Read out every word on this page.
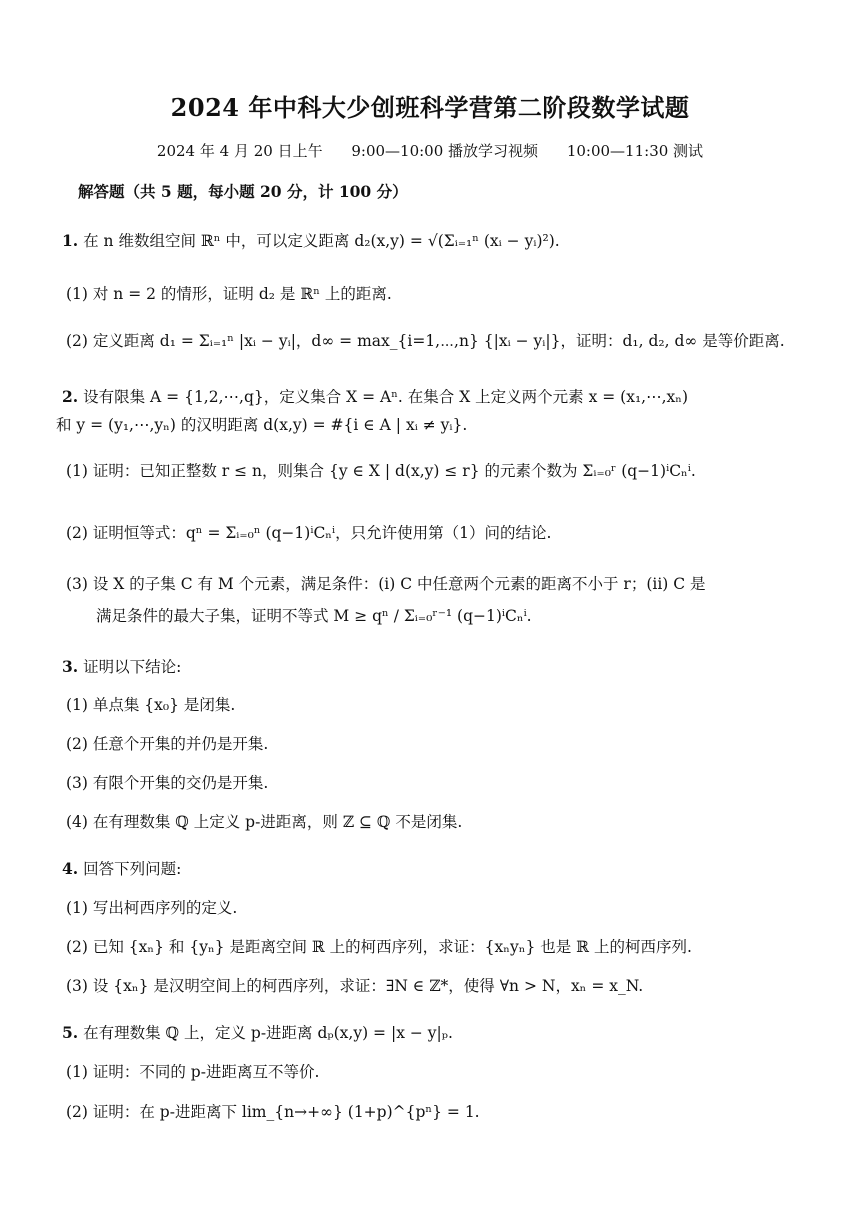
2024 年中科大少创班科学营第二阶段数学试题
2024 年 4 月 20 日上午 9:00—10:00 播放学习视频 10:00—11:30 测试
解答题（共 5 题，每小题 20 分，计 100 分）
1. 在 n 维数组空间 ℝⁿ 中，可以定义距离 d₂(x,y) = √(Σᵢ₌₁ⁿ (xᵢ − yᵢ)²).
(1) 对 n = 2 的情形，证明 d₂ 是 ℝⁿ 上的距离.
(2) 定义距离 d₁ = Σᵢ₌₁ⁿ |xᵢ − yᵢ|，d∞ = max_{i=1,⋯,n} {|xᵢ − yᵢ|}，证明：d₁, d₂, d∞ 是等价距离.
2. 设有限集 A = {1,2,⋯,q}，定义集合 X = Aⁿ. 在集合 X 上定义两个元素 x = (x₁,⋯,xₙ)
和 y = (y₁,⋯,yₙ) 的汉明距离 d(x,y) = #{i ∈ A | xᵢ ≠ yᵢ}.
(1) 证明：已知正整数 r ≤ n，则集合 {y ∈ X | d(x,y) ≤ r} 的元素个数为 Σᵢ₌₀ʳ (q−1)ⁱCₙⁱ.
(2) 证明恒等式：qⁿ = Σᵢ₌₀ⁿ (q−1)ⁱCₙⁱ，只允许使用第（1）问的结论.
(3) 设 X 的子集 C 有 M 个元素，满足条件：(i) C 中任意两个元素的距离不小于 r；(ii) C 是
满足条件的最大子集，证明不等式 M ≥ qⁿ / Σᵢ₌₀ʳ⁻¹ (q−1)ⁱCₙⁱ.
3. 证明以下结论:
(1) 单点集 {x₀} 是闭集.
(2) 任意个开集的并仍是开集.
(3) 有限个开集的交仍是开集.
(4) 在有理数集 ℚ 上定义 p-进距离，则 ℤ ⊆ ℚ 不是闭集.
4. 回答下列问题:
(1) 写出柯西序列的定义.
(2) 已知 {xₙ} 和 {yₙ} 是距离空间 ℝ 上的柯西序列，求证：{xₙyₙ} 也是 ℝ 上的柯西序列.
(3) 设 {xₙ} 是汉明空间上的柯西序列，求证：∃N ∈ ℤ*，使得 ∀n > N，xₙ = x_N.
5. 在有理数集 ℚ 上，定义 p-进距离 dₚ(x,y) = |x − y|ₚ.
(1) 证明：不同的 p-进距离互不等价.
(2) 证明：在 p-进距离下 lim_{n→+∞} (1+p)^{pⁿ} = 1.
